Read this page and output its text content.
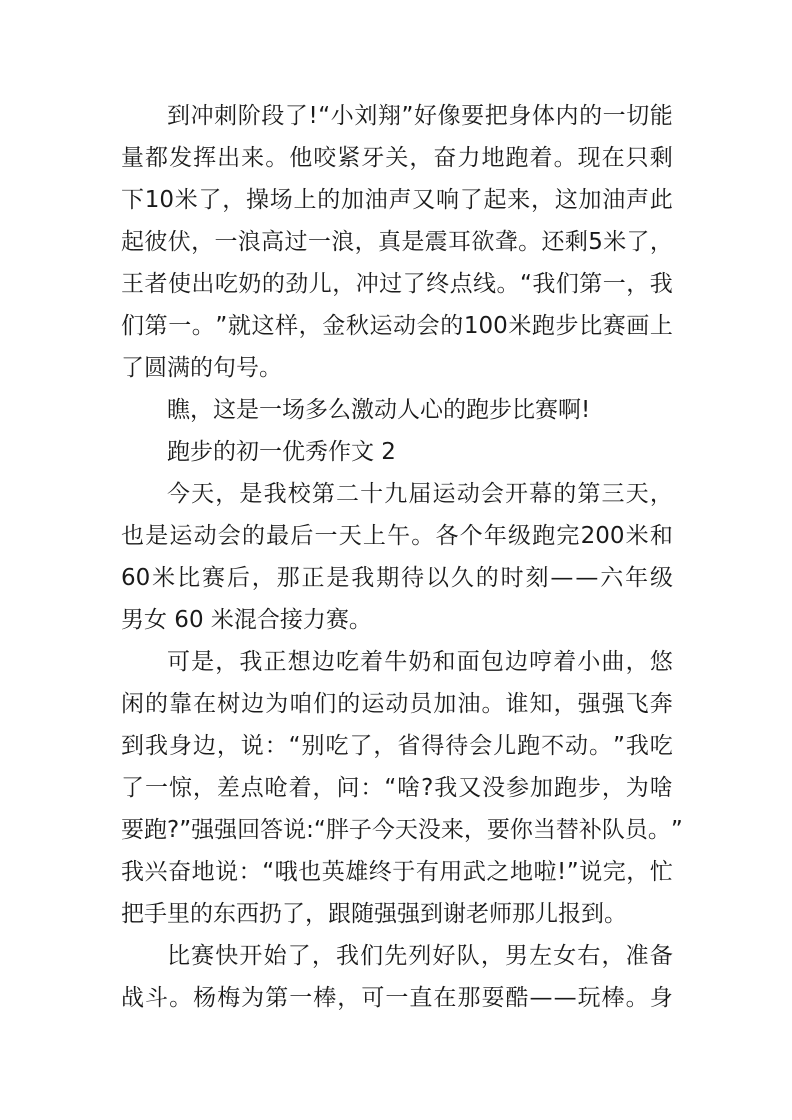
到 冲 刺 阶 段 了 ! “ 小 刘 翔 ” 好 像 要 把 身 体 内 的 一 切 能
量 都 发 挥 出 来 。 他 咬 紧 牙 关 ， 奋 力 地 跑 着 。 现 在 只 剩
下 10 米 了 ， 操 场 上 的 加 油 声 又 响 了 起 来 ， 这 加 油 声 此
起 彼 伏 ， 一 浪 高 过 一 浪 ， 真 是 震 耳 欲 聋 。 还 剩 5 米 了 ，
王 者 使 出 吃 奶 的 劲 儿 ， 冲 过 了 终 点 线 。 “ 我 们 第 一 ， 我
们 第 一 。 ” 就 这 样 ， 金 秋 运 动 会 的 100 米 跑 步 比 赛 画 上
了圆满的句号。
瞧，这是一场多么激动人心的跑步比赛啊!
跑步的初一优秀作文 2
今 天 ， 是 我 校 第 二 十 九 届 运 动 会 开 幕 的 第 三 天 ，
也 是 运 动 会 的 最 后 一 天 上 午 。 各 个 年 级 跑 完 200 米 和
60 米 比 赛 后 ， 那 正 是 我 期 待 以 久 的 时 刻 — — 六 年 级
男女 60 米混合接力赛。
可 是 ， 我 正 想 边 吃 着 牛 奶 和 面 包 边 哼 着 小 曲 ， 悠
闲 的 靠 在 树 边 为 咱 们 的 运 动 员 加 油 。 谁 知 ， 强 强 飞 奔
到 我 身 边 ， 说 ： “ 别 吃 了 ， 省 得 待 会 儿 跑 不 动 。 ” 我 吃
了 一 惊 ， 差 点 呛 着 ， 问 ： “ 啥 ? 我 又 没 参 加 跑 步 ， 为 啥
要 跑 ? ” 强 强 回 答 说 : “ 胖 子 今 天 没 来 ， 要 你 当 替 补 队 员 。 ”
我 兴 奋 地 说 ： “ 哦 也 英 雄 终 于 有 用 武 之 地 啦 ! ” 说 完 ， 忙
把手里的东西扔了，跟随强强到谢老师那儿报到。
比 赛 快 开 始 了 ， 我 们 先 列 好 队 ， 男 左 女 右 ， 准 备
战 斗 。 杨 梅 为 第 一 棒 ， 可 一 直 在 那 耍 酷 — — 玩 棒 。 身
